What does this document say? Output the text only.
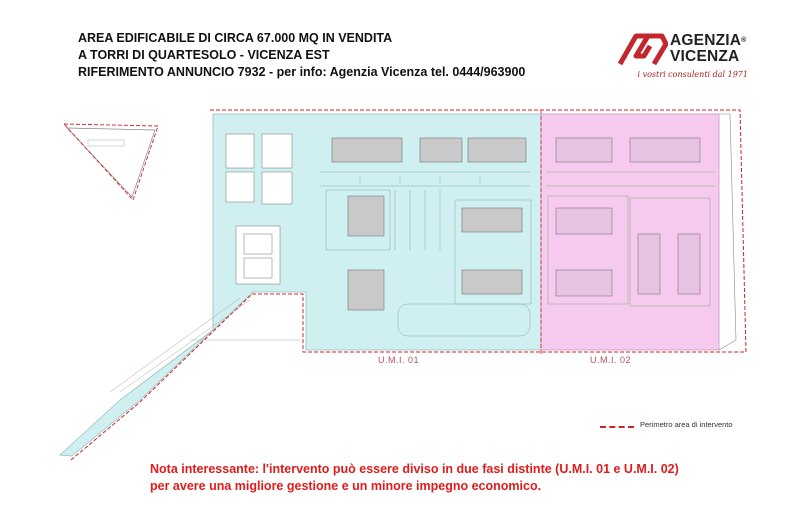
AREA EDIFICABILE DI CIRCA 67.000 MQ IN VENDITA
A TORRI DI QUARTESOLO - VICENZA EST
RIFERIMENTO ANNUNCIO 7932 - per info: Agenzia Vicenza tel. 0444/963900
AGENZIA®
VICENZA
i vostri consulenti dal 1971
U.M.I. 01	U.M.I. 02
Perimetro area di intervento
Nota interessante: l'intervento può essere diviso in due fasi distinte (U.M.I. 01 e U.M.I. 02)
per avere una migliore gestione e un minore impegno economico.
